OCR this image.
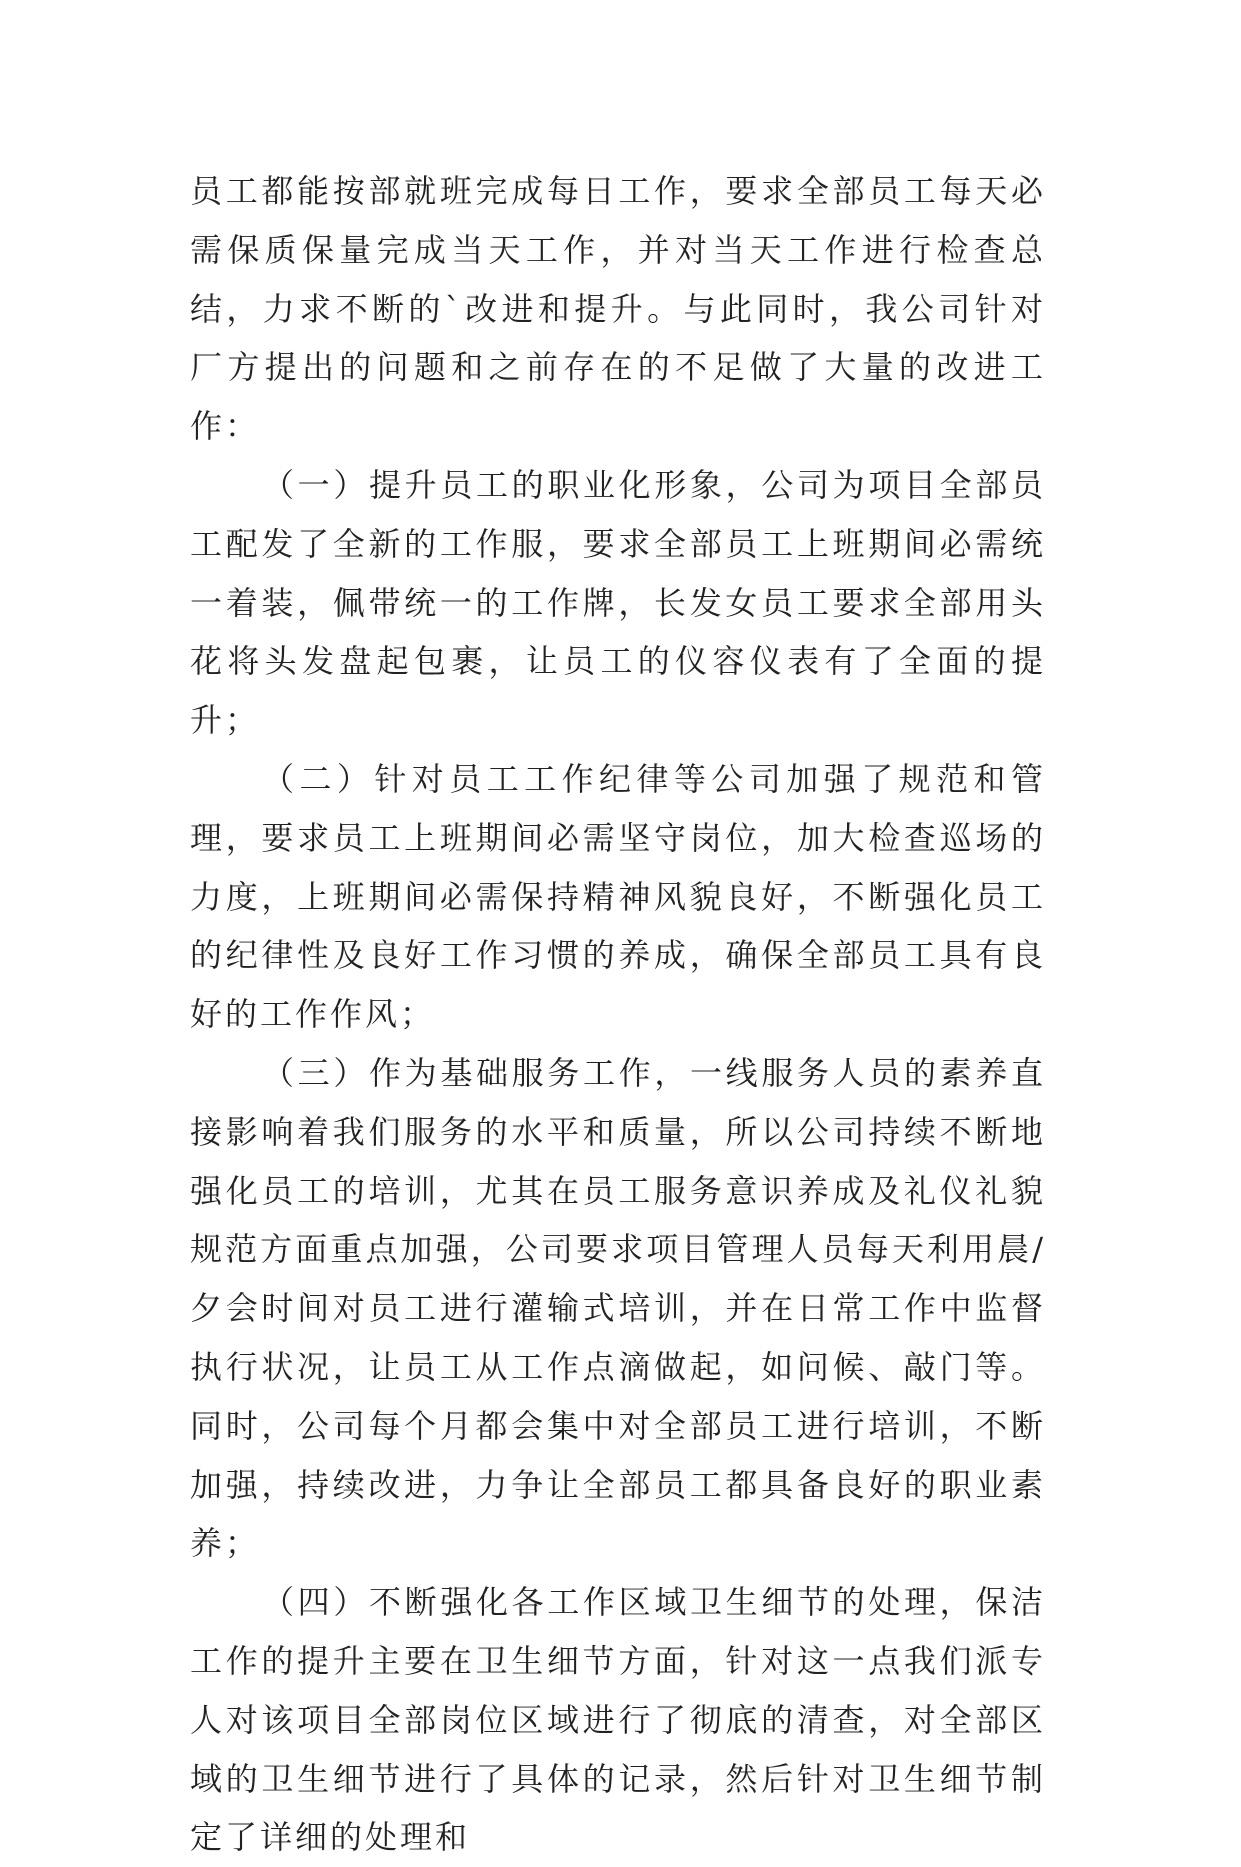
员工都能按部就班完成每日工作，要求全部员工每天必需保质保量完成当天工作，并对当天工作进行检查总结，力求不断的`改进和提升。与此同时，我公司针对厂方提出的问题和之前存在的不足做了大量的改进工作：

（一）提升员工的职业化形象，公司为项目全部员工配发了全新的工作服，要求全部员工上班期间必需统一着装，佩带统一的工作牌，长发女员工要求全部用头花将头发盘起包裹，让员工的仪容仪表有了全面的提升；

（二）针对员工工作纪律等公司加强了规范和管理，要求员工上班期间必需坚守岗位，加大检查巡场的力度，上班期间必需保持精神风貌良好，不断强化员工的纪律性及良好工作习惯的养成，确保全部员工具有良好的工作作风；

（三）作为基础服务工作，一线服务人员的素养直接影响着我们服务的水平和质量，所以公司持续不断地强化员工的培训，尤其在员工服务意识养成及礼仪礼貌规范方面重点加强，公司要求项目管理人员每天利用晨/夕会时间对员工进行灌输式培训，并在日常工作中监督执行状况，让员工从工作点滴做起，如问候、敲门等。同时，公司每个月都会集中对全部员工进行培训，不断加强，持续改进，力争让全部员工都具备良好的职业素养；

（四）不断强化各工作区域卫生细节的处理，保洁工作的提升主要在卫生细节方面，针对这一点我们派专人对该项目全部岗位区域进行了彻底的清查，对全部区域的卫生细节进行了具体的记录，然后针对卫生细节制定了详细的处理和
